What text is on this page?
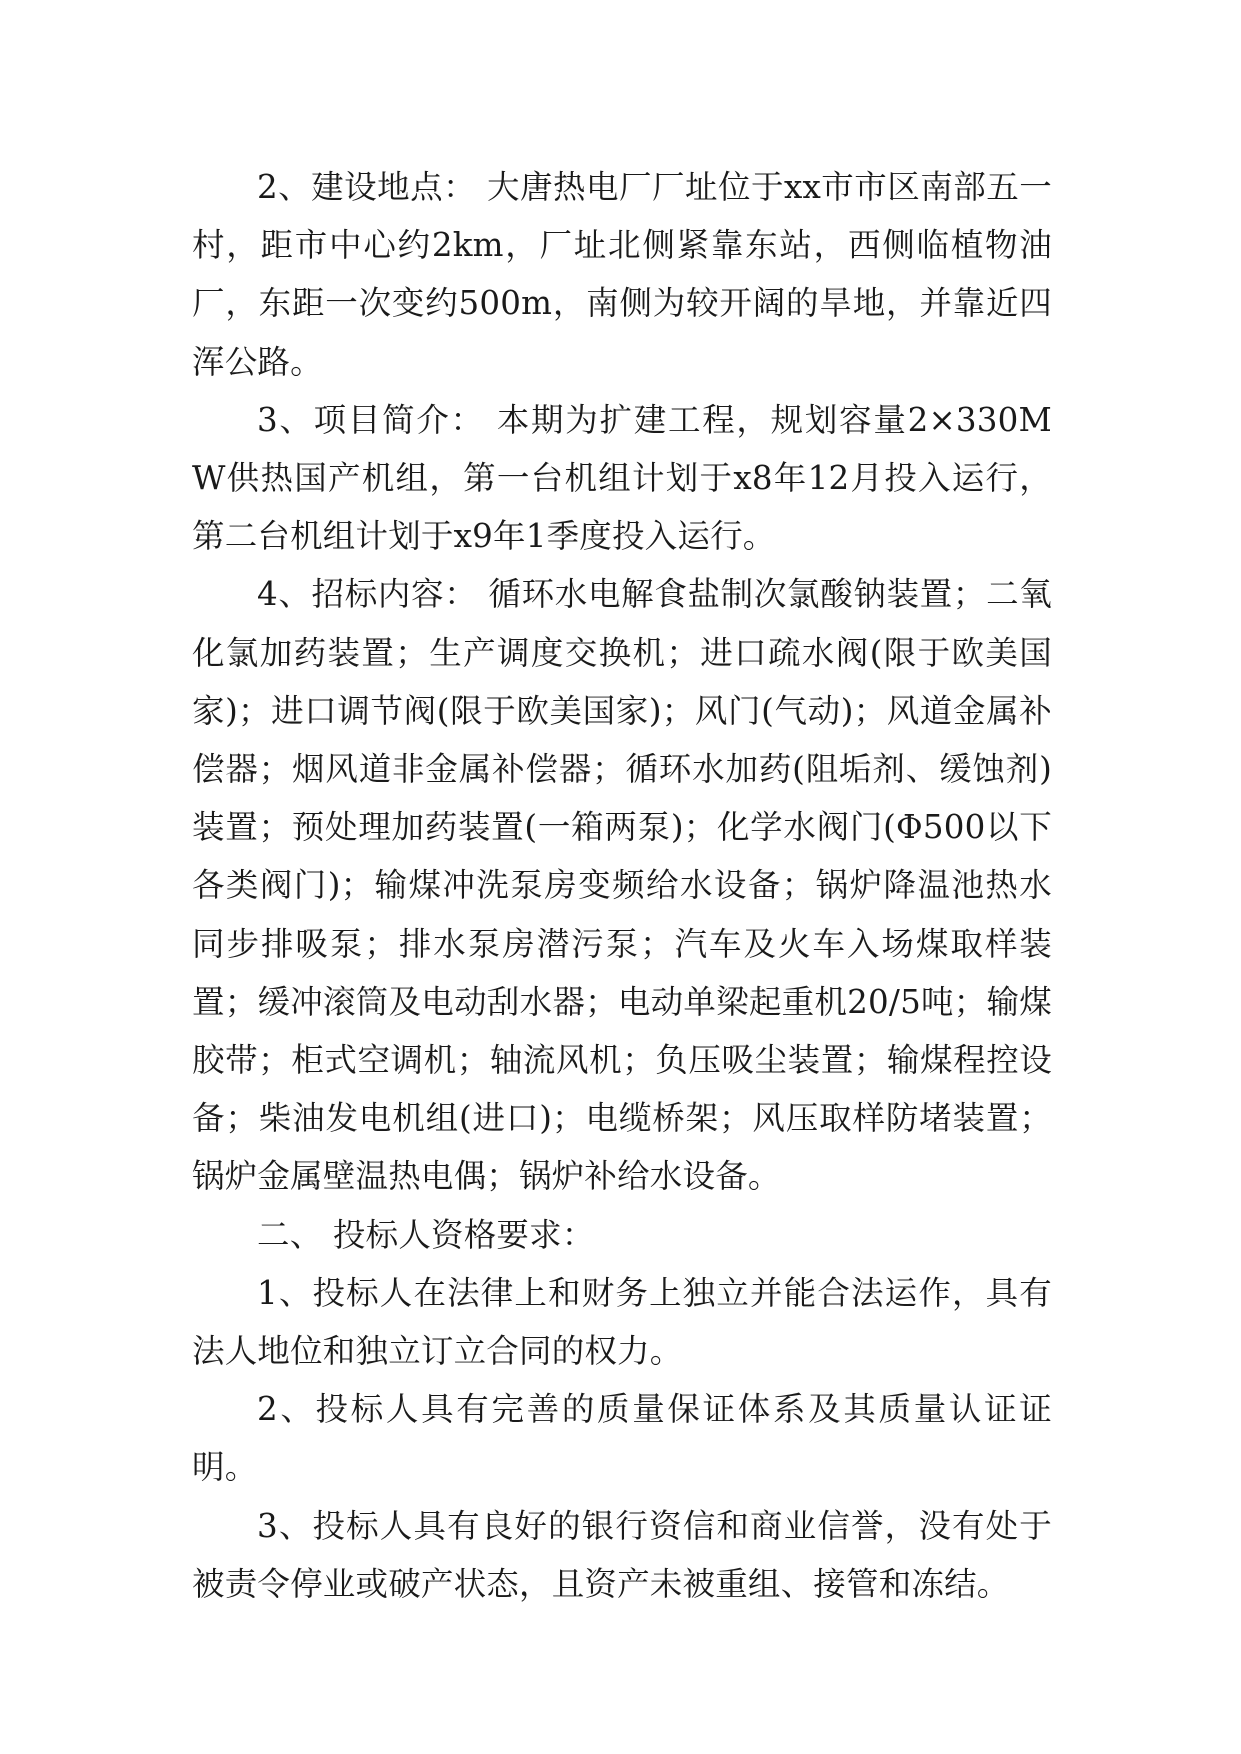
2、建设地点： 大唐热电厂厂址位于xx市市区南部五一村，距市中心约2km，厂址北侧紧靠东站，西侧临植物油厂，东距一次变约500m，南侧为较开阔的旱地，并靠近四浑公路。

3、项目简介： 本期为扩建工程，规划容量2×330MW供热国产机组，第一台机组计划于x8年12月投入运行，第二台机组计划于x9年1季度投入运行。

4、招标内容： 循环水电解食盐制次氯酸钠装置；二氧化氯加药装置；生产调度交换机；进口疏水阀(限于欧美国家)；进口调节阀(限于欧美国家)；风门(气动)；风道金属补偿器；烟风道非金属补偿器；循环水加药(阻垢剂、缓蚀剂)装置；预处理加药装置(一箱两泵)；化学水阀门(Φ500以下各类阀门)；输煤冲洗泵房变频给水设备；锅炉降温池热水同步排吸泵；排水泵房潜污泵；汽车及火车入场煤取样装置；缓冲滚筒及电动刮水器；电动单梁起重机20/5吨；输煤胶带；柜式空调机；轴流风机；负压吸尘装置；输煤程控设备；柴油发电机组(进口)；电缆桥架；风压取样防堵装置；锅炉金属壁温热电偶；锅炉补给水设备。

二、 投标人资格要求：

1、投标人在法律上和财务上独立并能合法运作，具有法人地位和独立订立合同的权力。

2、投标人具有完善的质量保证体系及其质量认证证明。

3、投标人具有良好的银行资信和商业信誉，没有处于被责令停业或破产状态，且资产未被重组、接管和冻结。
